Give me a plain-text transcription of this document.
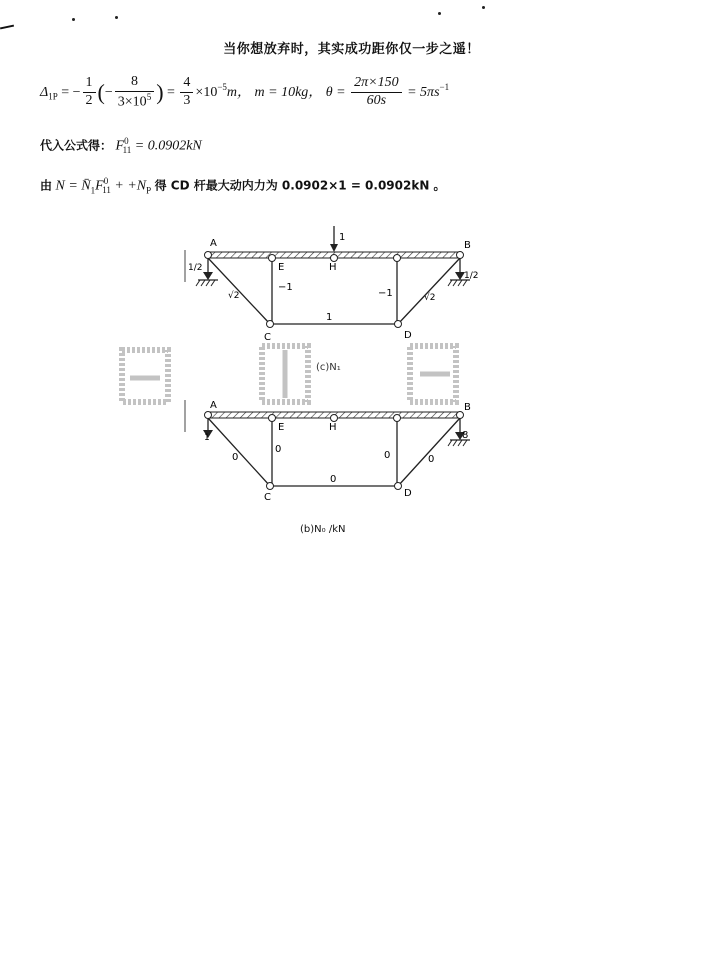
当你想放弃时，其实成功距你仅一步之遥！
$\Delta_{1P}$ = − $\frac{1}{2}$ (− $\frac{8}{3\times 10^5}$ ) = $\frac{4}{3} \times 10^{-5}m$， m = 10kg， $\theta = \frac{2\pi\times 150}{60s} = 5\pi s^{-1}$
代入公式得： $F^0_{11} = 0.0902kN$
由 $N = N̄_1F^0_{11} + +N_P$ 得 CD 杆最大动内力为 0.0902×1 = 0.0902kN 。
A	B
E	H
C	D
1
1/2
1/2
−1
−1
1
√2	√2
(c)N₁
A	B
E	H
C	D
1	8
0
0
0
0	0
(b)N₀ /kN
